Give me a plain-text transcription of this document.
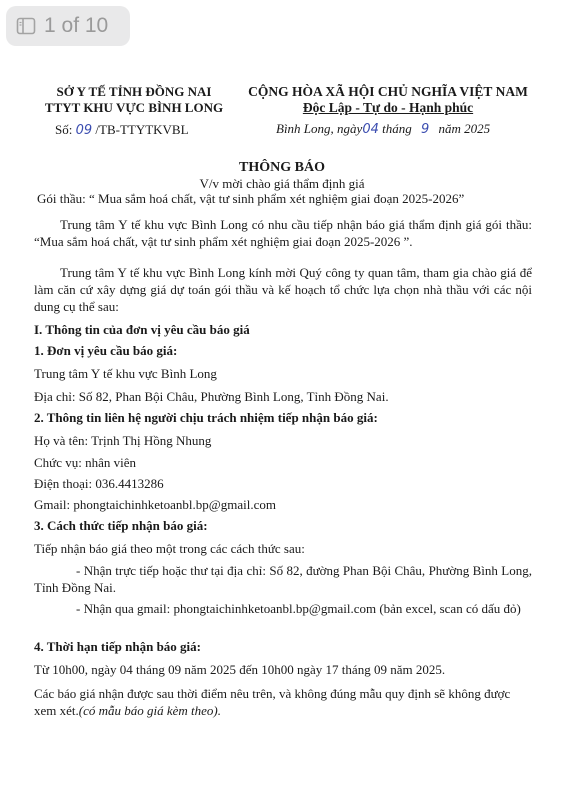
1 of 10
SỞ Y TẾ TỈNH ĐỒNG NAI
TTYT KHU VỰC BÌNH LONG
CỘNG HÒA XÃ HỘI CHỦ NGHĨA VIỆT NAM
Độc Lập - Tự do - Hạnh phúc
Số: 09 /TB-TTYTKVBL	Bình Long, ngày04 tháng 9 năm 2025
THÔNG BÁO
V/v mời chào giá thẩm định giá
Gói thầu: “ Mua sắm hoá chất, vật tư sinh phẩm xét nghiệm giai đoạn 2025-2026”
Trung tâm Y tế khu vực Bình Long có nhu cầu tiếp nhận báo giá thẩm định giá gói thầu: “Mua sắm hoá chất, vật tư sinh phẩm xét nghiệm giai đoạn 2025-2026 ”.
Trung tâm Y tế khu vực Bình Long kính mời Quý công ty quan tâm, tham gia chào giá để làm căn cứ xây dựng giá dự toán gói thầu và kế hoạch tổ chức lựa chọn nhà thầu với các nội dung cụ thể sau:
I. Thông tin của đơn vị yêu cầu báo giá
1. Đơn vị yêu cầu báo giá:
Trung tâm Y tế khu vực Bình Long
Địa chỉ: Số 82, Phan Bội Châu, Phường Bình Long, Tỉnh Đồng Nai.
2. Thông tin liên hệ người chịu trách nhiệm tiếp nhận báo giá:
Họ và tên: Trịnh Thị Hồng Nhung
Chức vụ: nhân viên
Điện thoại: 036.4413286
Gmail: phongtaichinhketoanbl.bp@gmail.com
3. Cách thức tiếp nhận báo giá:
Tiếp nhận báo giá theo một trong các cách thức sau:
- Nhận trực tiếp hoặc thư tại địa chỉ: Số 82, đường Phan Bội Châu, Phường Bình Long, Tỉnh Đồng Nai.
- Nhận qua gmail: phongtaichinhketoanbl.bp@gmail.com (bản excel, scan có dấu đỏ)
4. Thời hạn tiếp nhận báo giá:
Từ 10h00, ngày 04 tháng 09 năm 2025 đến 10h00 ngày 17 tháng 09 năm 2025.
Các báo giá nhận được sau thời điểm nêu trên, và không đúng mẫu quy định sẽ không được xem xét.(có mẫu báo giá kèm theo).
